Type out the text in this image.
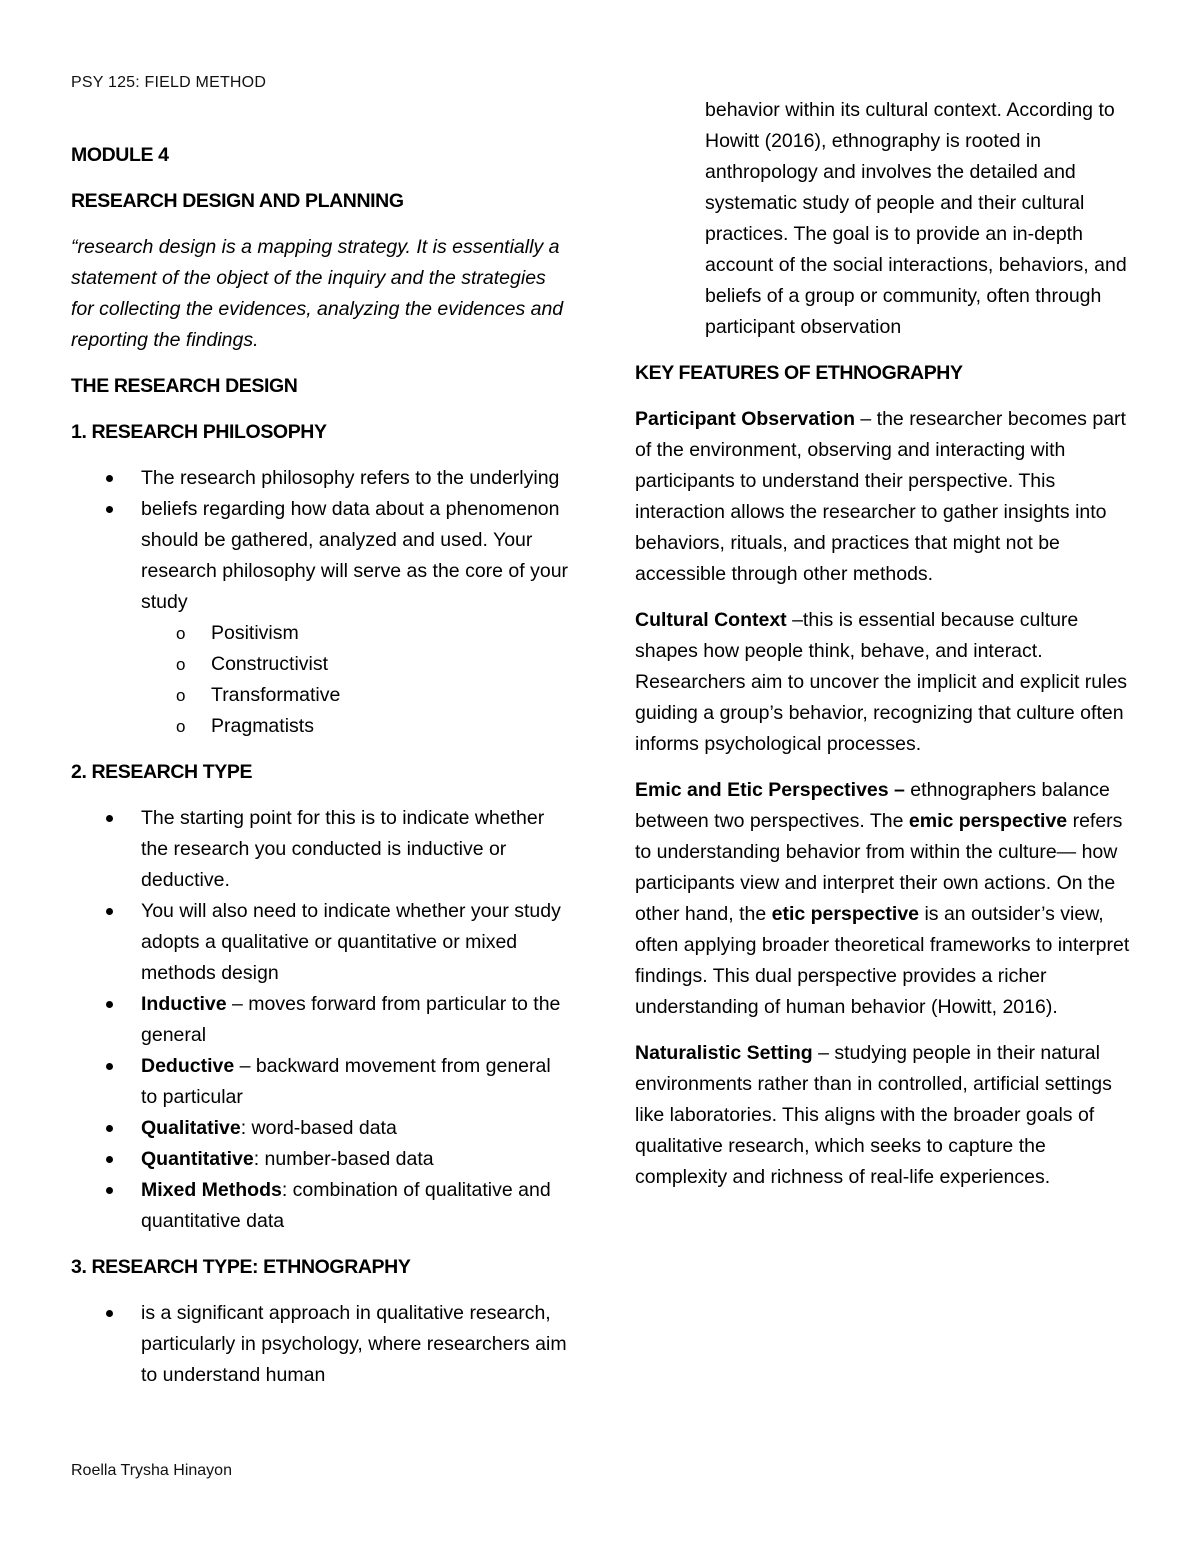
PSY 125: FIELD METHOD

MODULE 4

RESEARCH DESIGN AND PLANNING

“research design is a mapping strategy. It is essentially a statement of the object of the inquiry and the strategies for collecting the evidences, analyzing the evidences and reporting the findings.

THE RESEARCH DESIGN

1. RESEARCH PHILOSOPHY

The research philosophy refers to the underlying
beliefs regarding how data about a phenomenon should be gathered, analyzed and used. Your research philosophy will serve as the core of your study
o Positivism
o Constructivist
o Transformative
o Pragmatists

2. RESEARCH TYPE

The starting point for this is to indicate whether the research you conducted is inductive or deductive.
You will also need to indicate whether your study adopts a qualitative or quantitative or mixed methods design
Inductive – moves forward from particular to the general
Deductive – backward movement from general to particular
Qualitative: word-based data
Quantitative: number-based data
Mixed Methods: combination of qualitative and quantitative data

3. RESEARCH TYPE: ETHNOGRAPHY

is a significant approach in qualitative research, particularly in psychology, where researchers aim to understand human

behavior within its cultural context. According to Howitt (2016), ethnography is rooted in anthropology and involves the detailed and systematic study of people and their cultural practices. The goal is to provide an in-depth account of the social interactions, behaviors, and beliefs of a group or community, often through participant observation

KEY FEATURES OF ETHNOGRAPHY

Participant Observation – the researcher becomes part of the environment, observing and interacting with participants to understand their perspective. This interaction allows the researcher to gather insights into behaviors, rituals, and practices that might not be accessible through other methods.

Cultural Context –this is essential because culture shapes how people think, behave, and interact. Researchers aim to uncover the implicit and explicit rules guiding a group’s behavior, recognizing that culture often informs psychological processes.

Emic and Etic Perspectives – ethnographers balance between two perspectives. The emic perspective refers to understanding behavior from within the culture— how participants view and interpret their own actions. On the other hand, the etic perspective is an outsider’s view, often applying broader theoretical frameworks to interpret findings. This dual perspective provides a richer understanding of human behavior (Howitt, 2016).

Naturalistic Setting – studying people in their natural environments rather than in controlled, artificial settings like laboratories. This aligns with the broader goals of qualitative research, which seeks to capture the complexity and richness of real-life experiences.

Roella Trysha Hinayon
